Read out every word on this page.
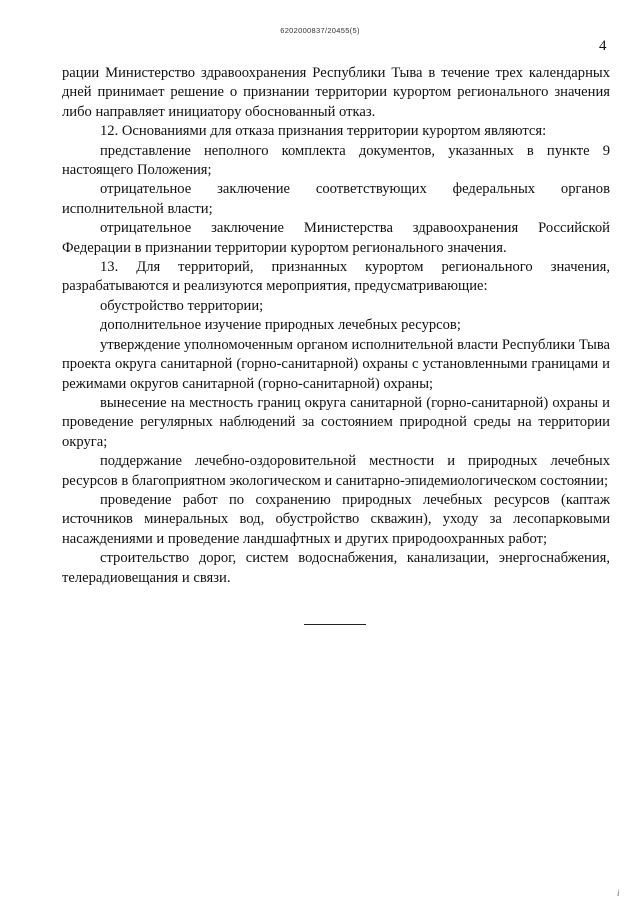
6202000837/20455(5)
4

рации Министерство здравоохранения Республики Тыва в течение трех календарных дней принимает решение о признании территории курортом регионального значения либо направляет инициатору обоснованный отказ.

12. Основаниями для отказа признания территории курортом являются:

представление неполного комплекта документов, указанных в пункте 9 настоящего Положения;

отрицательное заключение соответствующих федеральных органов исполнительной власти;

отрицательное заключение Министерства здравоохранения Российской Федерации в признании территории курортом регионального значения.

13. Для территорий, признанных курортом регионального значения, разрабатываются и реализуются мероприятия, предусматривающие:

обустройство территории;

дополнительное изучение природных лечебных ресурсов;

утверждение уполномоченным органом исполнительной власти Республики Тыва проекта округа санитарной (горно-санитарной) охраны с установленными границами и режимами округов санитарной (горно-санитарной) охраны;

вынесение на местность границ округа санитарной (горно-санитарной) охраны и проведение регулярных наблюдений за состоянием природной среды на территории округа;

поддержание лечебно-оздоровительной местности и природных лечебных ресурсов в благоприятном экологическом и санитарно-эпидемиологическом состоянии;

проведение работ по сохранению природных лечебных ресурсов (каптаж источников минеральных вод, обустройство скважин), уходу за лесопарковыми насаждениями и проведение ландшафтных и других природоохранных работ;

строительство дорог, систем водоснабжения, канализации, энергоснабжения, телерадиовещания и связи.

i
